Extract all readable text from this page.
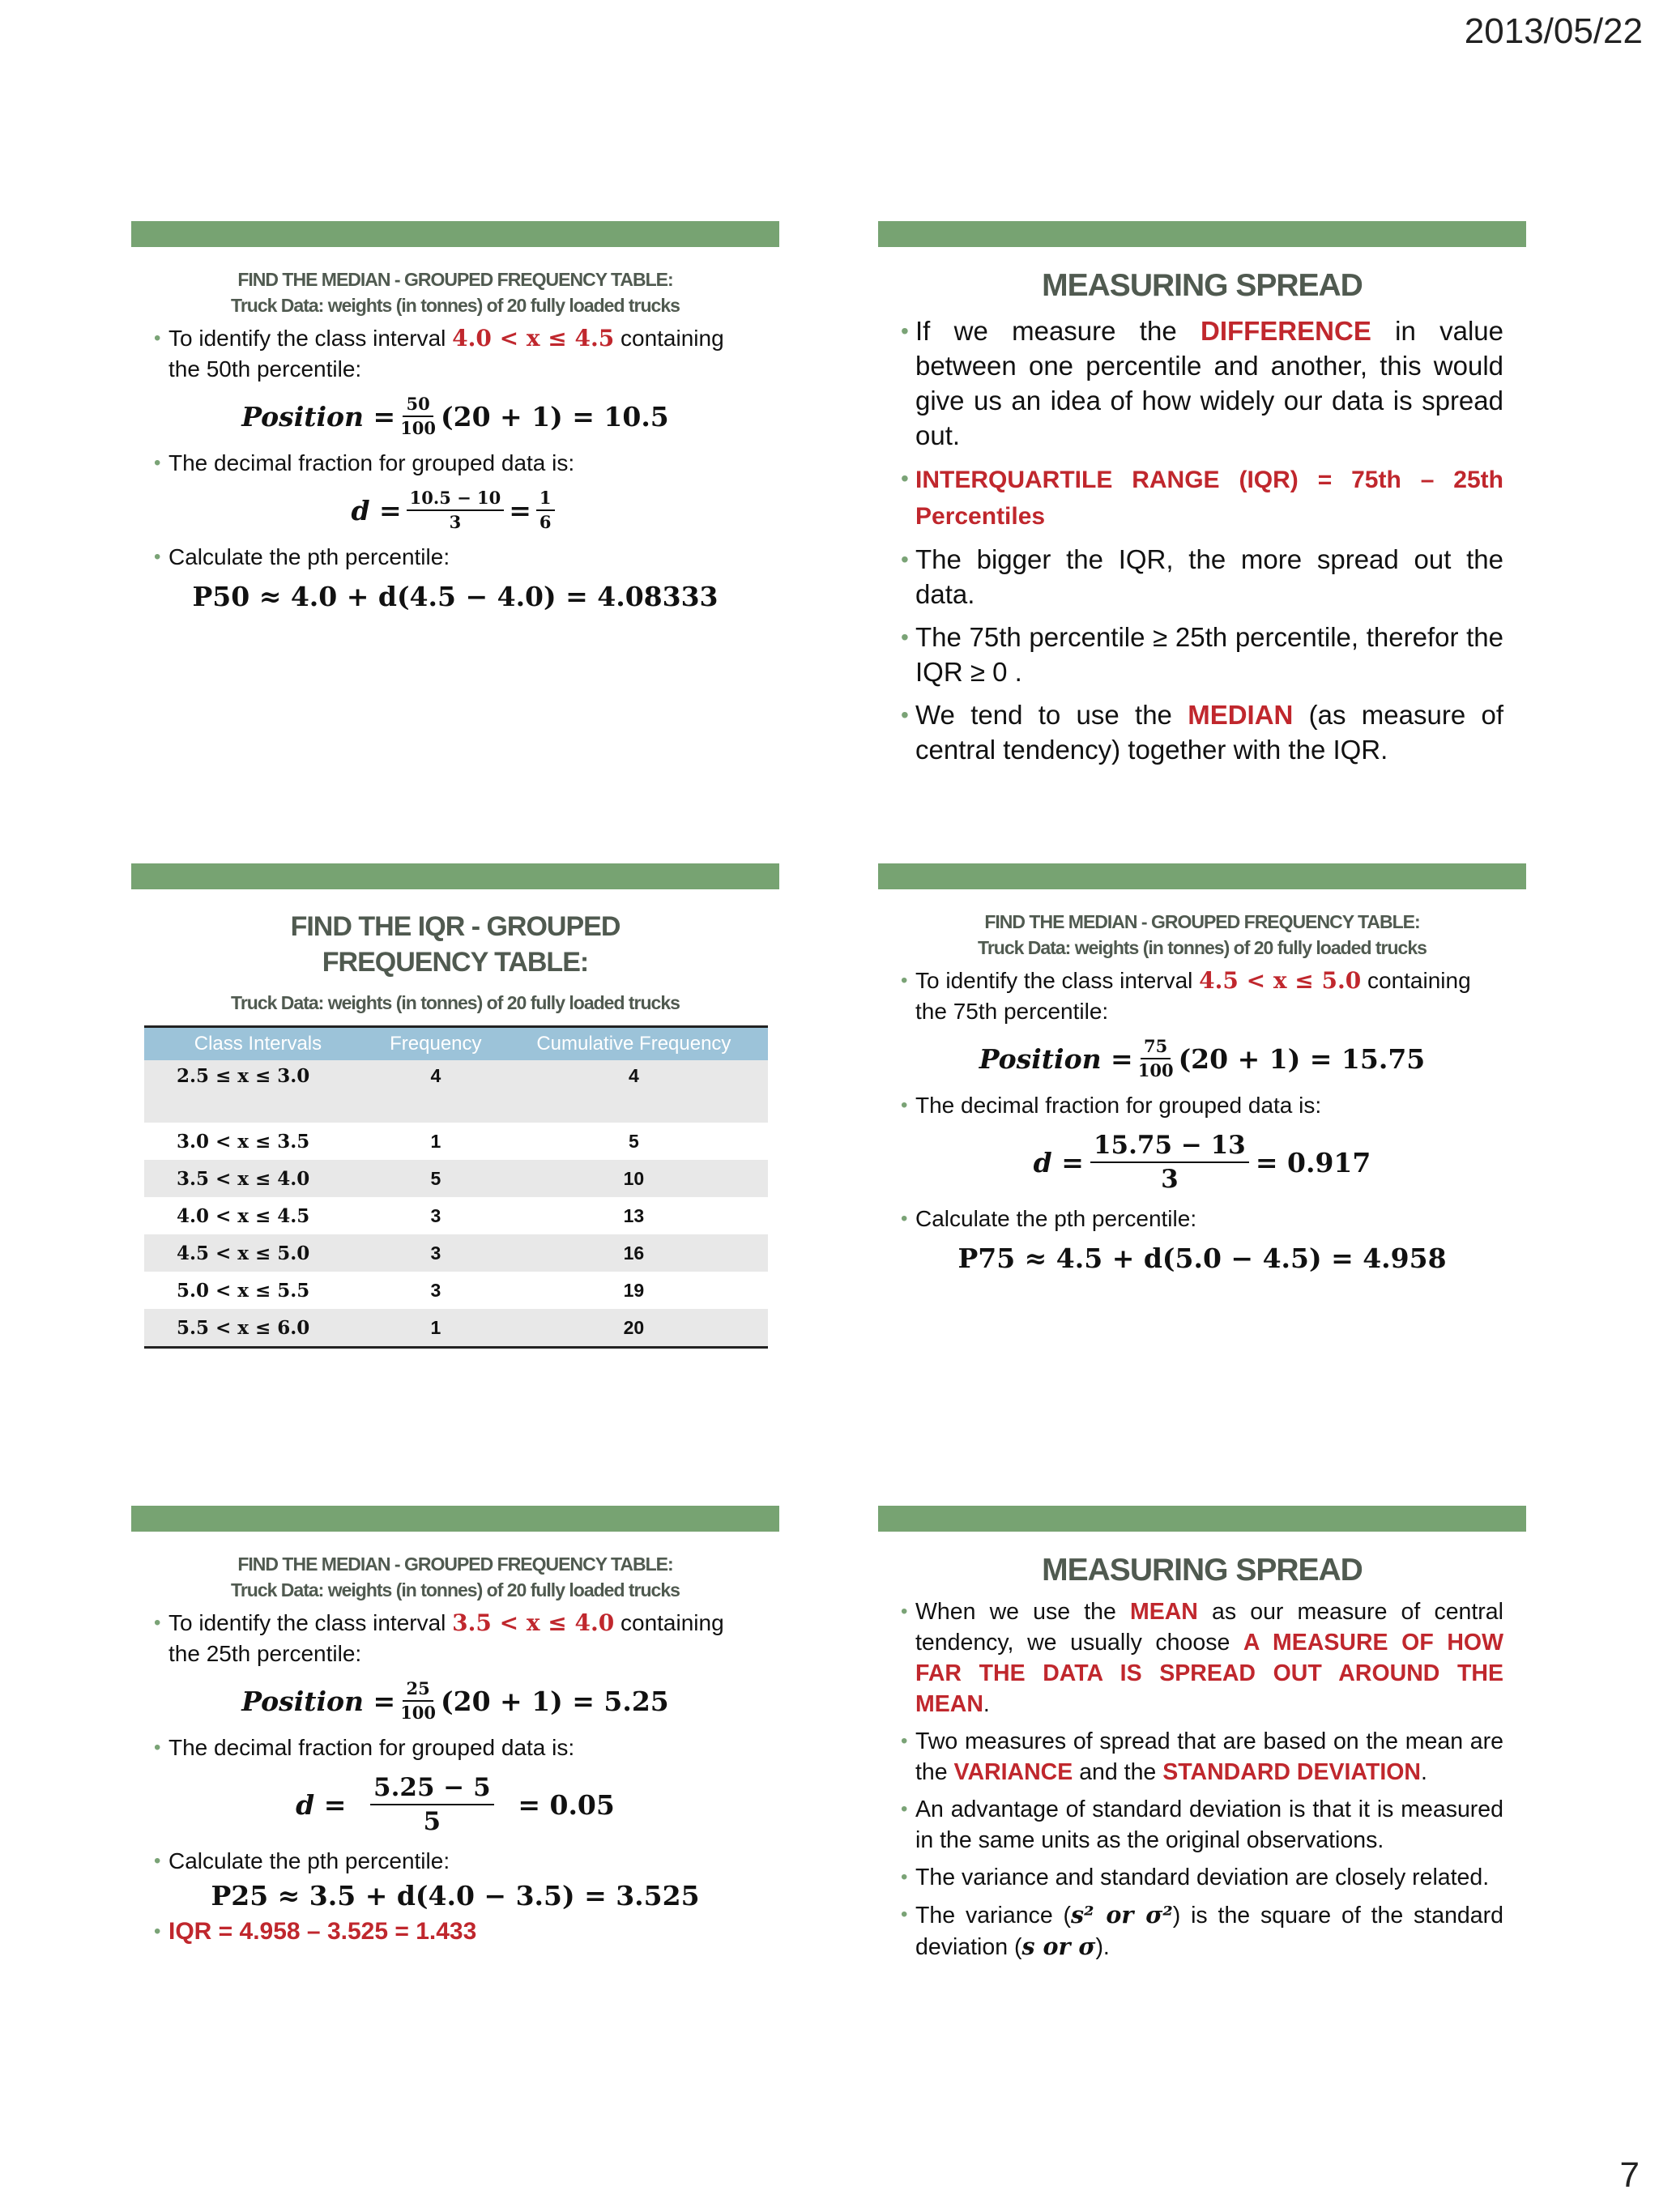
2013/05/22
FIND THE MEDIAN - GROUPED FREQUENCY TABLE:
Truck Data: weights (in tonnes) of 20 fully loaded trucks
• To identify the class interval 4.0 < x ≤ 4.5 containing
the 50th percentile:
Position = $\frac{50}{100} (20 + 1) = 10.5$
• The decimal fraction for grouped data is:
$d = \frac{10.5 - 10}{3} = \frac{1}{6}$
• Calculate the pth percentile:
P50 ≈ 4.0 + d(4.5 − 4.0) = 4.08333
MEASURING SPREAD
• If we measure the DIFFERENCE in value between one percentile and another, this would give us an idea of how widely our data is spread out.
• INTERQUARTILE RANGE (IQR) = 75th – 25th Percentiles
• The bigger the IQR, the more spread out the data.
• The 75th percentile ≥ 25th percentile, therefor the IQR ≥ 0 .
• We tend to use the MEDIAN (as measure of central tendency) together with the IQR.
FIND THE IQR - GROUPED FREQUENCY TABLE:
Truck Data: weights (in tonnes) of 20 fully loaded trucks
Class Intervals	Frequency	Cumulative Frequency
2.5 ≤ x ≤ 3.0	4	4
3.0 < x ≤ 3.5	1	5
3.5 < x ≤ 4.0	5	10
4.0 < x ≤ 4.5	3	13
4.5 < x ≤ 5.0	3	16
5.0 < x ≤ 5.5	3	19
5.5 < x ≤ 6.0	1	20
FIND THE MEDIAN - GROUPED FREQUENCY TABLE:
Truck Data: weights (in tonnes) of 20 fully loaded trucks
• To identify the class interval 4.5 < x ≤ 5.0 containing
the 75th percentile:
Position = $\frac{75}{100} (20 + 1) = 15.75$
• The decimal fraction for grouped data is:
$d = \frac{15.75 - 13}{3} = 0.917$
• Calculate the pth percentile:
P75 ≈ 4.5 + d(5.0 − 4.5) = 4.958
FIND THE MEDIAN - GROUPED FREQUENCY TABLE:
Truck Data: weights (in tonnes) of 20 fully loaded trucks
• To identify the class interval 3.5 < x ≤ 4.0 containing
the 25th percentile:
Position = $\frac{25}{100} (20 + 1) = 5.25$
• The decimal fraction for grouped data is:
$d = \frac{5.25 - 5}{5} = 0.05$
• Calculate the pth percentile:
P25 ≈ 3.5 + d(4.0 − 3.5) = 3.525
• IQR = 4.958 – 3.525 = 1.433
MEASURING SPREAD
• When we use the MEAN as our measure of central tendency, we usually choose A MEASURE OF HOW FAR THE DATA IS SPREAD OUT AROUND THE MEAN.
• Two measures of spread that are based on the mean are the VARIANCE and the STANDARD DEVIATION.
• An advantage of standard deviation is that it is measured in the same units as the original observations.
• The variance and standard deviation are closely related.
• The variance (s² or σ²) is the square of the standard deviation (s or σ).
7
